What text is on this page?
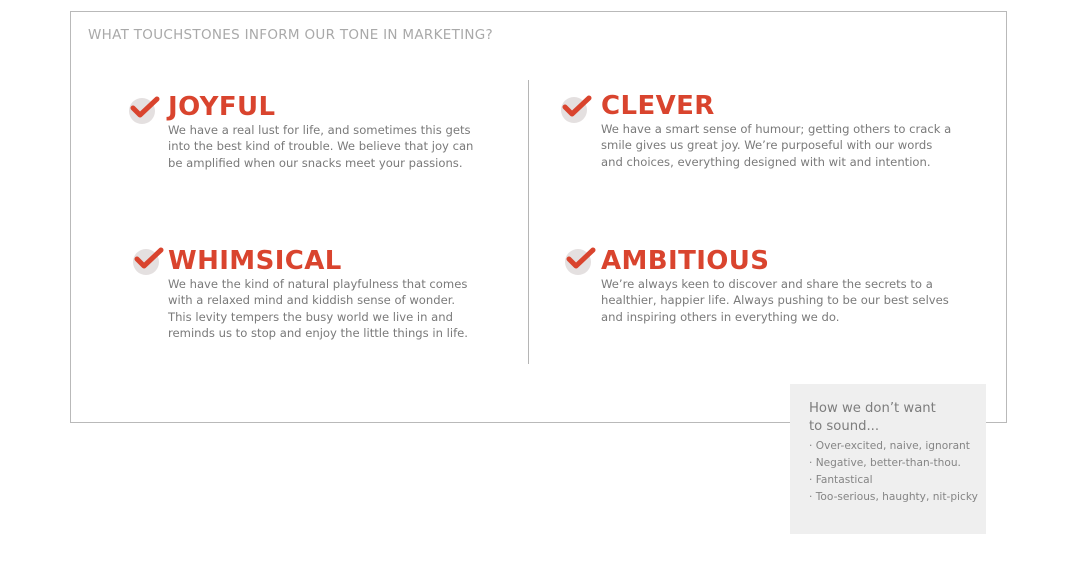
WHAT TOUCHSTONES INFORM OUR TONE IN MARKETING?
JOYFUL
We have a real lust for life, and sometimes this gets into the best kind of trouble. We believe that joy can be amplified when our snacks meet your passions.
CLEVER
We have a smart sense of humour; getting others to crack a smile gives us great joy. We’re purposeful with our words and choices, everything designed with wit and intention.
WHIMSICAL
We have the kind of natural playfulness that comes with a relaxed mind and kiddish sense of wonder. This levity tempers the busy world we live in and reminds us to stop and enjoy the little things in life.
AMBITIOUS
We’re always keen to discover and share the secrets to a healthier, happier life. Always pushing to be our best selves and inspiring others in everything we do.
How we don’t want to sound...
· Over-excited, naive, ignorant
· Negative, better-than-thou.
· Fantastical
· Too-serious, haughty, nit-picky
